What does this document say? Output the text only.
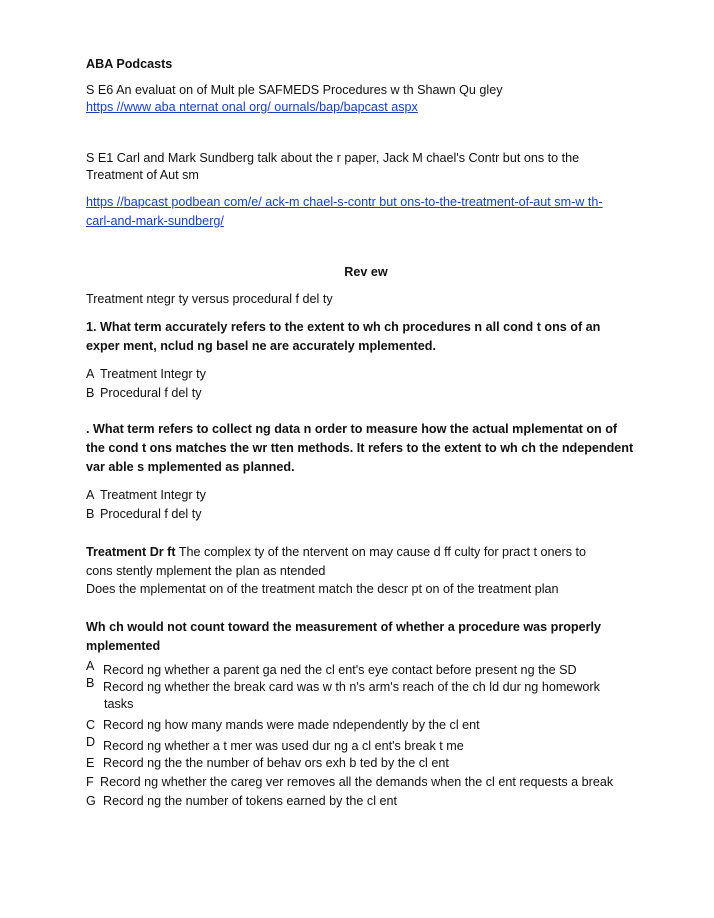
ABA Podcasts

S E6 An evaluat on of Mult ple SAFMEDS Procedures w th Shawn Qu gley

https //www aba nternat onal org/ ournals/bap/bapcast aspx

S E1 Carl and Mark Sundberg talk about the r paper, Jack M chael's Contr but ons to the

Treatment of Aut sm

https //bapcast podbean com/e/ ack-m chael-s-contr but ons-to-the-treatment-of-aut sm-w th-

carl-and-mark-sundberg/

Rev ew

Treatment ntegr ty versus procedural f del ty

1. What term accurately refers to the extent to wh ch procedures n all cond t ons of an

exper ment, nclud ng basel ne are accurately mplemented.

A Treatment Integr ty

B Procedural f del ty

. What term refers to collect ng data n order to measure how the actual mplementat on of

the cond t ons matches the wr tten methods. It refers to the extent to wh ch the ndependent

var able s mplemented as planned.

A Treatment Integr ty

B Procedural f del ty

Treatment Dr ft The complex ty of the ntervent on may cause d ff culty for pract t oners to

cons stently mplement the plan as ntended

Does the mplementat on of the treatment match the descr pt on of the treatment plan

Wh ch would not count toward the measurement of whether a procedure was properly

mplemented

A Record ng whether a parent ga ned the cl ent's eye contact before present ng the SD

B Record ng whether the break card was w th n's arm's reach of the ch ld dur ng homework

tasks

C Record ng how many mands were made ndependently by the cl ent

D Record ng whether a t mer was used dur ng a cl ent's break t me

E Record ng the the number of behav ors exh b ted by the cl ent

F Record ng whether the careg ver removes all the demands when the cl ent requests a break

G Record ng the number of tokens earned by the cl ent
